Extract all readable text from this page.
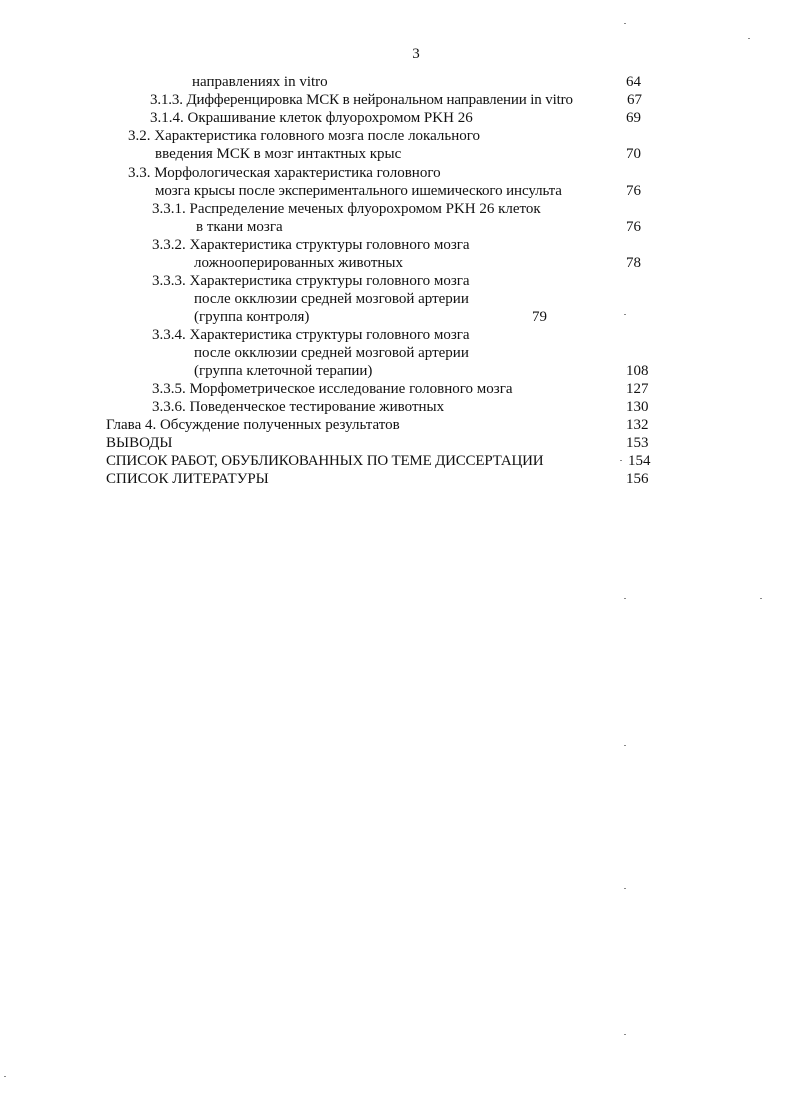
3
направлениях in vitro	64
3.1.3. Дифференцировка МСК в нейрональном направлении in vitro	67
3.1.4. Окрашивание клеток флуорохромом PKH 26	69
3.2. Характеристика головного мозга после локального
введения МСК в мозг интактных крыс	70
3.3. Морфологическая характеристика головного
мозга крысы после экспериментального ишемического инсульта	76
3.3.1. Распределение меченых флуорохромом PKH 26 клеток
в ткани мозга	76
3.3.2. Характеристика структуры головного мозга
ложнооперированных животных	78
3.3.3. Характеристика структуры головного мозга
после окклюзии средней мозговой артерии
(группа контроля)	79
3.3.4. Характеристика структуры головного мозга
после окклюзии средней мозговой артерии
(группа клеточной терапии)	108
3.3.5. Морфометрическое исследование головного мозга	127
3.3.6. Поведенческое тестирование животных	130
Глава 4. Обсуждение полученных результатов	132
ВЫВОДЫ	153
СПИСОК РАБОТ, ОБУБЛИКОВАННЫХ ПО ТЕМЕ ДИССЕРТАЦИИ	154
СПИСОК ЛИТЕРАТУРЫ	156
